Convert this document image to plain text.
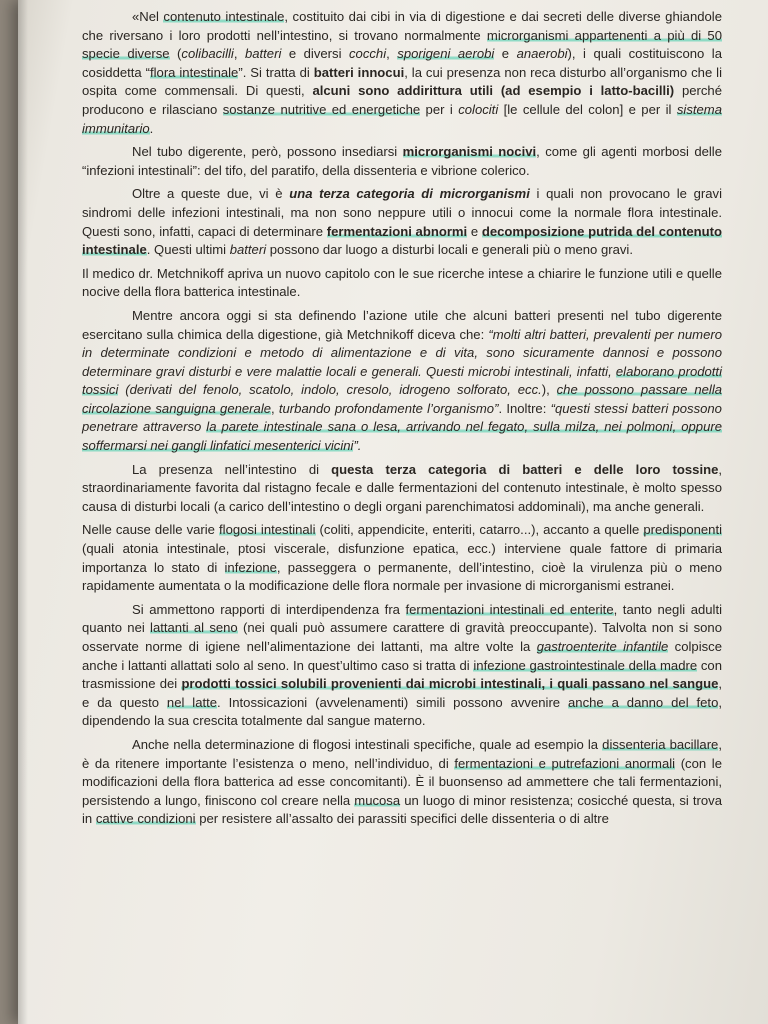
«Nel contenuto intestinale, costituito dai cibi in via di digestione e dai secreti delle diverse ghiandole che riversano i loro prodotti nell’intestino, si trovano normalmente microrganismi appartenenti a più di 50 specie diverse (colibacilli, batteri e diversi cocchi, sporigeni aerobi e anaerobi), i quali costituiscono la cosiddetta “flora intestinale”. Si tratta di batteri innocui, la cui presenza non reca disturbo all’organismo che li ospita come commensali. Di questi, alcuni sono addirittura utili (ad esempio i latto-bacilli) perché producono e rilasciano sostanze nutritive ed energetiche per i colociti [le cellule del colon] e per il sistema immunitario.

Nel tubo digerente, però, possono insediarsi microrganismi nocivi, come gli agenti morbosi delle “infezioni intestinali”: del tifo, del paratifo, della dissenteria e vibrione colerico.

Oltre a queste due, vi è una terza categoria di microrganismi i quali non provocano le gravi sindromi delle infezioni intestinali, ma non sono neppure utili o innocui come la normale flora intestinale. Questi sono, infatti, capaci di determinare fermentazioni abnormi e decomposizione putrida del contenuto intestinale. Questi ultimi batteri possono dar luogo a disturbi locali e generali più o meno gravi.

Il medico dr. Metchnikoff apriva un nuovo capitolo con le sue ricerche intese a chiarire le funzione utili e quelle nocive della flora batterica intestinale.

Mentre ancora oggi si sta definendo l’azione utile che alcuni batteri presenti nel tubo digerente esercitano sulla chimica della digestione, già Metchnikoff diceva che: “molti altri batteri, prevalenti per numero in determinate condizioni e metodo di alimentazione e di vita, sono sicuramente dannosi e possono determinare gravi disturbi e vere malattie locali e generali. Questi microbi intestinali, infatti, elaborano prodotti tossici (derivati del fenolo, scatolo, indolo, cresolo, idrogeno solforato, ecc.), che possono passare nella circolazione sanguigna generale, turbando profondamente l’organismo”. Inoltre: “questi stessi batteri possono penetrare attraverso la parete intestinale sana o lesa, arrivando nel fegato, sulla milza, nei polmoni, oppure soffermarsi nei gangli linfatici mesenterici vicini”.

La presenza nell’intestino di questa terza categoria di batteri e delle loro tossine, straordinariamente favorita dal ristagno fecale e dalle fermentazioni del contenuto intestinale, è molto spesso causa di disturbi locali (a carico dell’intestino o degli organi parenchimatosi addominali), ma anche generali.

Nelle cause delle varie flogosi intestinali (coliti, appendicite, enteriti, catarro...), accanto a quelle predisponenti (quali atonia intestinale, ptosi viscerale, disfunzione epatica, ecc.) interviene quale fattore di primaria importanza lo stato di infezione, passeggera o permanente, dell’intestino, cioè la virulenza più o meno rapidamente aumentata o la modificazione delle flora normale per invasione di microrganismi estranei.

Si ammettono rapporti di interdipendenza fra fermentazioni intestinali ed enterite, tanto negli adulti quanto nei lattanti al seno (nei quali può assumere carattere di gravità preoccupante). Talvolta non si sono osservate norme di igiene nell’alimentazione dei lattanti, ma altre volte la gastroenterite infantile colpisce anche i lattanti allattati solo al seno. In quest’ultimo caso si tratta di infezione gastrointestinale della madre con trasmissione dei prodotti tossici solubili provenienti dai microbi intestinali, i quali passano nel sangue, e da questo nel latte. Intossicazioni (avvelenamenti) simili possono avvenire anche a danno del feto, dipendendo la sua crescita totalmente dal sangue materno.

Anche nella determinazione di flogosi intestinali specifiche, quale ad esempio la dissenteria bacillare, è da ritenere importante l’esistenza o meno, nell’individuo, di fermentazioni e putrefazioni anormali (con le modificazioni della flora batterica ad esse concomitanti). È il buonsenso ad ammettere che tali fermentazioni, persistendo a lungo, finiscono col creare nella mucosa un luogo di minor resistenza; cosicché questa, si trova in cattive condizioni per resistere all’assalto dei parassiti specifici delle dissenteria o di altre
